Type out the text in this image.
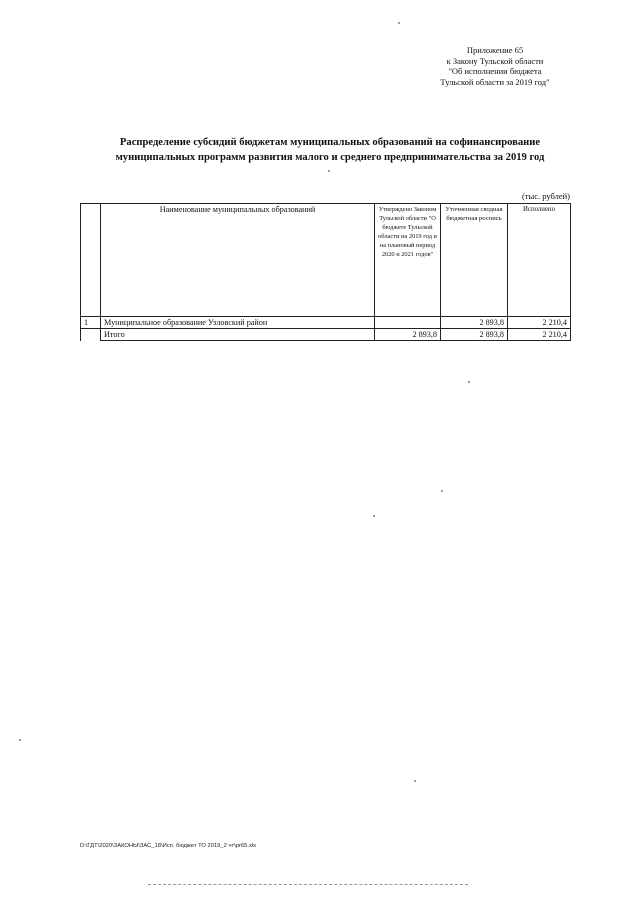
Приложение 65
к Закону Тульской области
"Об исполнении бюджета
Тульской области за 2019 год"
Распределение субсидий бюджетам муниципальных образований на софинансирование
муниципальных программ развития малого и среднего предпринимательства за 2019 год
(тыс. рублей)
	Наименование муниципальных образований	Утверждено Законом Тульской области "О бюджете Тульской области на 2019 год и на плановый период 2020 и 2021 годов"	Уточненная сводная бюджетная роспись	Исполнено
1	Муниципальное образование Узловский район		2 893,8	2 210,4
	Итого	2 893,8	2 893,8	2 210,4
D:\ГДТ\2020\ЗАКОНЫ\ЗАС_18\Исп. бюджет ТО 2019_2 чт\pr65.xls
